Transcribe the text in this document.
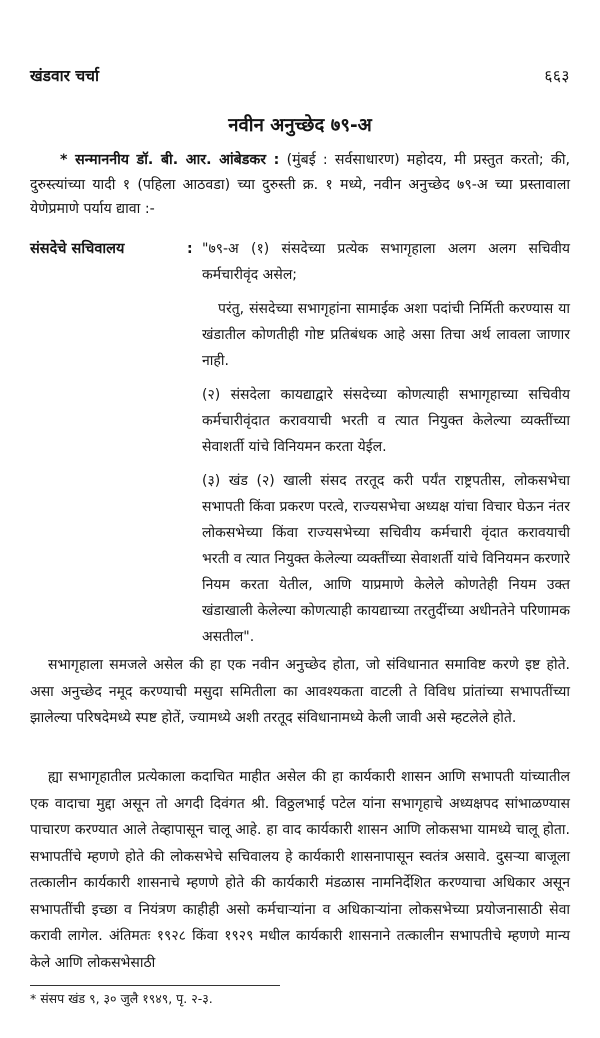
खंडवार चर्चा	६६३
नवीन अनुच्छेद ७९-अ

* सन्माननीय डॉ. बी. आर. आंबेडकर : (मुंबई : सर्वसाधारण) महोदय, मी प्रस्तुत करतो; की, दुरुस्त्यांच्या यादी १ (पहिला आठवडा) च्या दुरुस्ती क्र. १ मध्ये, नवीन अनुच्छेद ७९-अ च्या प्रस्तावाला येणेप्रमाणे पर्याय द्यावा :-

संसदेचे सचिवालय	: "७९-अ (१) संसदेच्या प्रत्येक सभागृहाला अलग अलग सचिवीय कर्मचारीवृंद असेल;

परंतु, संसदेच्या सभागृहांना सामाईक अशा पदांची निर्मिती करण्यास या खंडातील कोणतीही गोष्ट प्रतिबंधक आहे असा तिचा अर्थ लावला जाणार नाही.

(२) संसदेला कायद्याद्वारे संसदेच्या कोणत्याही सभागृहाच्या सचिवीय कर्मचारीवृंदात करावयाची भरती व त्यात नियुक्त केलेल्या व्यक्तींच्या सेवाशर्ती यांचे विनियमन करता येईल.

(३) खंड (२) खाली संसद तरतूद करी पर्यंत राष्ट्रपतीस, लोकसभेचा सभापती किंवा प्रकरण परत्वे, राज्यसभेचा अध्यक्ष यांचा विचार घेऊन नंतर लोकसभेच्या किंवा राज्यसभेच्या सचिवीय कर्मचारी वृंदात करावयाची भरती व त्यात नियुक्त केलेल्या व्यक्तींच्या सेवाशर्ती यांचे विनियमन करणारे नियम करता येतील, आणि याप्रमाणे केलेले कोणतेही नियम उक्त खंडाखाली केलेल्या कोणत्याही कायद्याच्या तरतुदींच्या अधीनतेने परिणामक असतील".

सभागृहाला समजले असेल की हा एक नवीन अनुच्छेद होता, जो संविधानात समाविष्ट करणे इष्ट होते. असा अनुच्छेद नमूद करण्याची मसुदा समितीला का आवश्यकता वाटली ते विविध प्रांतांच्या सभापतींच्या झालेल्या परिषदेमध्ये स्पष्ट होतें, ज्यामध्ये अशी तरतूद संविधानामध्ये केली जावी असे म्हटलेले होते.

ह्या सभागृहातील प्रत्येकाला कदाचित माहीत असेल की हा कार्यकारी शासन आणि सभापती यांच्यातील एक वादाचा मुद्दा असून तो अगदी दिवंगत श्री. विठ्ठलभाई पटेल यांना सभागृहाचे अध्यक्षपद सांभाळण्यास पाचारण करण्यात आले तेव्हापासून चालू आहे. हा वाद कार्यकारी शासन आणि लोकसभा यामध्ये चालू होता. सभापतींचे म्हणणे होते की लोकसभेचे सचिवालय हे कार्यकारी शासनापासून स्वतंत्र असावे. दुसऱ्या बाजूला तत्कालीन कार्यकारी शासनाचे म्हणणे होते की कार्यकारी मंडळास नामनिर्देशित करण्याचा अधिकार असून सभापतींची इच्छा व नियंत्रण काहीही असो कर्मचाऱ्यांना व अधिकाऱ्यांना लोकसभेच्या प्रयोजनासाठी सेवा करावी लागेल. अंतिमतः १९२८ किंवा १९२९ मधील कार्यकारी शासनाने तत्कालीन सभापतीचे म्हणणे मान्य केले आणि लोकसभेसाठी

* संसप खंड ९, ३० जुलै १९४९, पृ. २-३.
